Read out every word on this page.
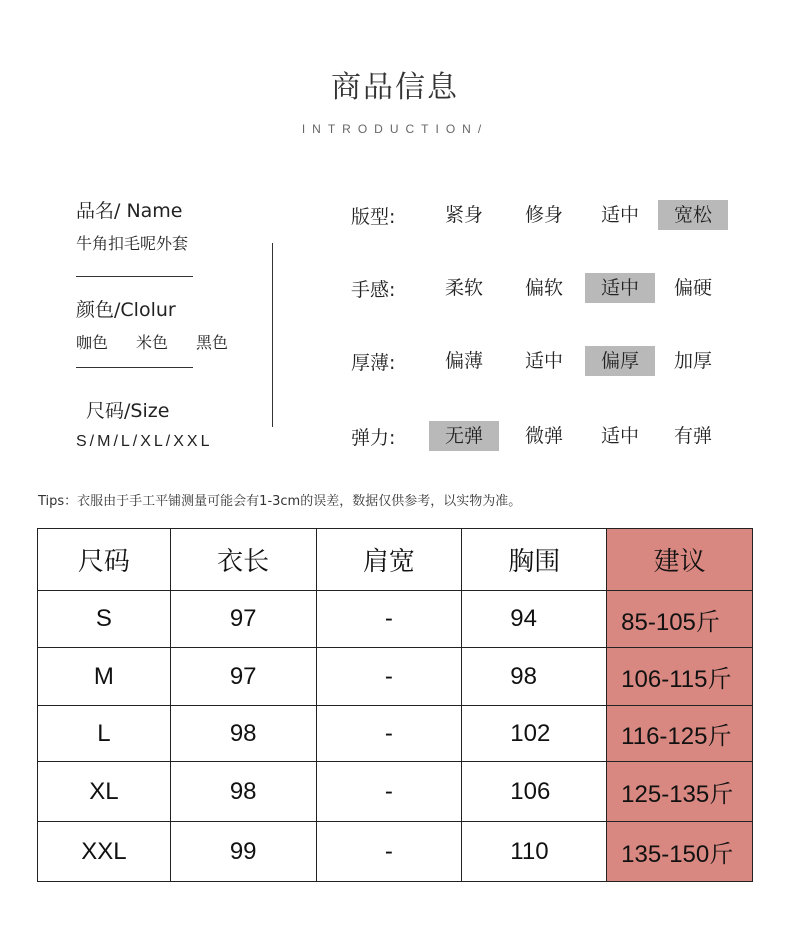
商品信息
INTRODUCTION/
品名/ Name
牛角扣毛呢外套
颜色/Clolur
咖色 米色 黑色
尺码/Size
S/M/L/XL/XXL
版型:	紧身	修身	适中	宽松
手感:	柔软	偏软	适中	偏硬
厚薄:	偏薄	适中	偏厚	加厚
弹力:	无弹	微弹	适中	有弹
Tips：衣服由于手工平铺测量可能会有1-3cm的误差，数据仅供参考，以实物为准。
尺码	衣长	肩宽	胸围	建议
S	97	-	94	85-105斤
M	97	-	98	106-115斤
L	98	-	102	116-125斤
XL	98	-	106	125-135斤
XXL	99	-	110	135-150斤
